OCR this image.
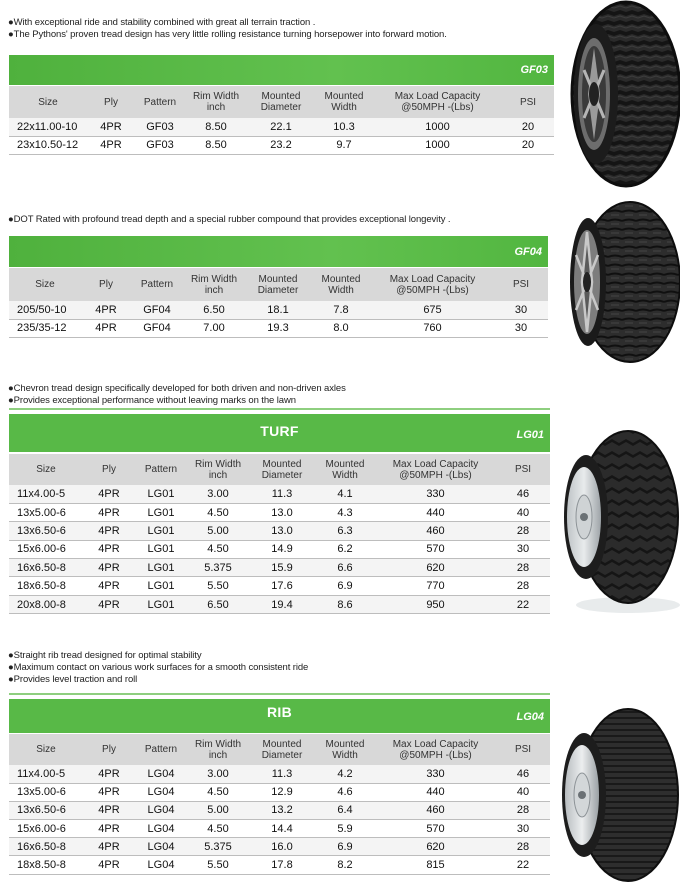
●With exceptional ride and stability combined with great all terrain traction .
●The Pythons' proven tread design has very little rolling resistance turning horsepower into forward motion.
GF03
Size	Ply	Pattern	Rim Width inch	Mounted Diameter	Mounted Width	Max Load Capacity @50MPH -(Lbs)	PSI
22x11.00-10	4PR	GF03	8.50	22.1	10.3	1000	20
23x10.50-12	4PR	GF03	8.50	23.2	9.7	1000	20
●DOT Rated with profound tread depth and a special rubber compound that provides exceptional longevity .
GF04
Size	Ply	Pattern	Rim Width inch	Mounted Diameter	Mounted Width	Max Load Capacity @50MPH -(Lbs)	PSI
205/50-10	4PR	GF04	6.50	18.1	7.8	675	30
235/35-12	4PR	GF04	7.00	19.3	8.0	760	30
●Chevron tread design specifically developed for both driven and non-driven axles
●Provides exceptional performance without leaving marks on the lawn
TURF	LG01
Size	Ply	Pattern	Rim Width inch	Mounted Diameter	Mounted Width	Max Load Capacity @50MPH -(Lbs)	PSI
11x4.00-5	4PR	LG01	3.00	11.3	4.1	330	46
13x5.00-6	4PR	LG01	4.50	13.0	4.3	440	40
13x6.50-6	4PR	LG01	5.00	13.0	6.3	460	28
15x6.00-6	4PR	LG01	4.50	14.9	6.2	570	30
16x6.50-8	4PR	LG01	5.375	15.9	6.6	620	28
18x6.50-8	4PR	LG01	5.50	17.6	6.9	770	28
20x8.00-8	4PR	LG01	6.50	19.4	8.6	950	22
●Straight rib tread designed for optimal stability
●Maximum contact on various work surfaces for a smooth consistent ride
●Provides level traction and roll
RIB	LG04
Size	Ply	Pattern	Rim Width inch	Mounted Diameter	Mounted Width	Max Load Capacity @50MPH -(Lbs)	PSI
11x4.00-5	4PR	LG04	3.00	11.3	4.2	330	46
13x5.00-6	4PR	LG04	4.50	12.9	4.6	440	40
13x6.50-6	4PR	LG04	5.00	13.2	6.4	460	28
15x6.00-6	4PR	LG04	4.50	14.4	5.9	570	30
16x6.50-8	4PR	LG04	5.375	16.0	6.9	620	28
18x8.50-8	4PR	LG04	5.50	17.8	8.2	815	22
